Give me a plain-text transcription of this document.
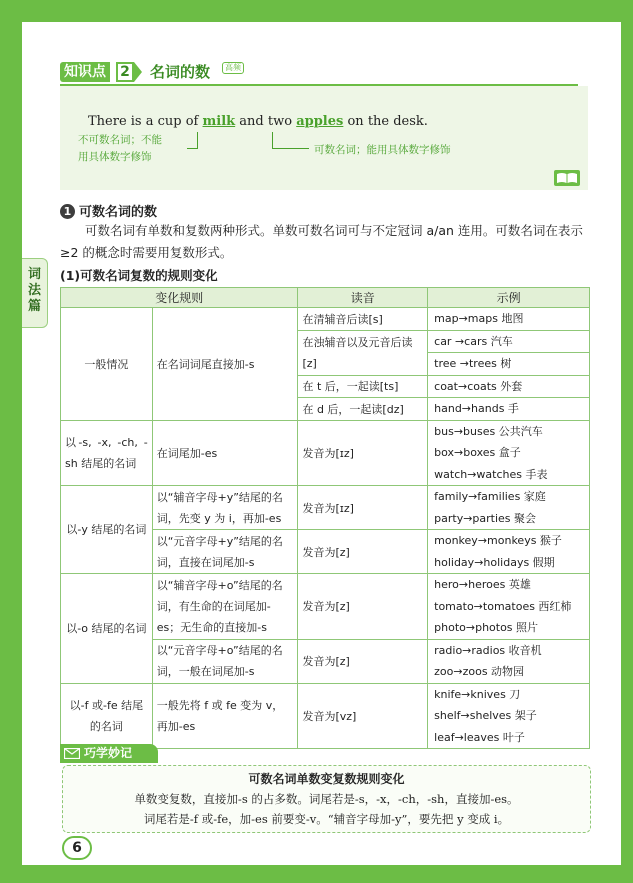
词法篇
知识点 2 名词的数	高频
There is a cup of milk and two apples on the desk.
不可数名词；不能
用具体数字修饰
可数名词；能用具体数字修饰
1 可数名词的数
可数名词有单数和复数两种形式。单数可数名词可与不定冠词 a/an 连用。可数名词在表示≥2 的概念时需要用复数形式。
(1)可数名词复数的规则变化
变化规则		读音	示例
一般情况	在名词词尾直接加-s	在清辅音后读[s]	map→maps 地图

		在浊辅音以及元音后读[z]	car →cars 汽车

			tree →trees 树

		在 t 后，一起读[ts]	coat→coats 外套

		在 d 后，一起读[dz]	hand→hands 手

以-s, -x, -ch, -sh 结尾的名词	在词尾加-es	发音为[ɪz]	bus→buses 公共汽车
box→boxes 盒子
watch→watches 手表

以-y 结尾的名词	以“辅音字母+y”结尾的名词，先变 y 为 i，再加-es	发音为[ɪz]	family→families 家庭
party→parties 聚会

	以“元音字母+y”结尾的名词，直接在词尾加-s	发音为[z]	monkey→monkeys 猴子
holiday→holidays 假期

以-o 结尾的名词	以“辅音字母+o”结尾的名词，有生命的在词尾加-es；无生命的直接加-s	发音为[z]	hero→heroes 英雄
tomato→tomatoes 西红柿
photo→photos 照片

	以“元音字母+o”结尾的名词，一般在词尾加-s	发音为[z]	radio→radios 收音机
zoo→zoos 动物园

以-f 或-fe 结尾的名词	一般先将 f 或 fe 变为 v，再加-es	发音为[vz]	knife→knives 刀
shelf→shelves 架子
leaf→leaves 叶子
巧学妙记
可数名词单数变复数规则变化
单数变复数，直接加-s 的占多数。词尾若是-s，-x，-ch，-sh，直接加-es。
词尾若是-f 或-fe，加-es 前要变-v。“辅音字母加-y”，要先把 y 变成 i。
6
